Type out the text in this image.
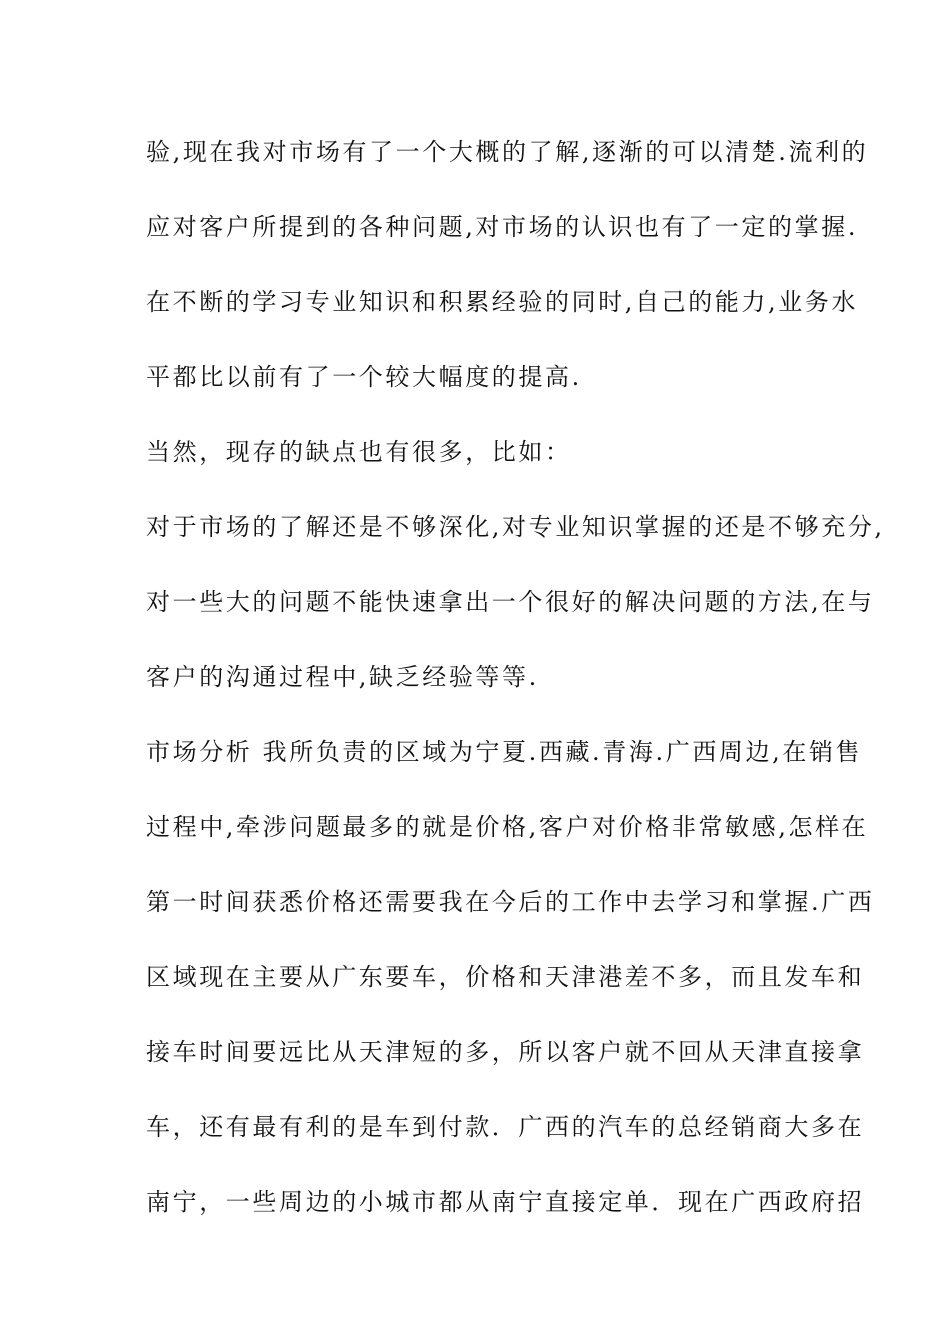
验,现在我对市场有了一个大概的了解,逐渐的可以清楚.流利的
应对客户所提到的各种问题,对市场的认识也有了一定的掌握.
在不断的学习专业知识和积累经验的同时,自己的能力,业务水
平都比以前有了一个较大幅度的提高.
当然，现存的缺点也有很多，比如：
对于市场的了解还是不够深化,对专业知识掌握的还是不够充分,
对一些大的问题不能快速拿出一个很好的解决问题的方法,在与
客户的沟通过程中,缺乏经验等等.
市场分析 我所负责的区域为宁夏.西藏.青海.广西周边,在销售
过程中,牵涉问题最多的就是价格,客户对价格非常敏感,怎样在
第一时间获悉价格还需要我在今后的工作中去学习和掌握.广西
区域现在主要从广东要车，价格和天津港差不多，而且发车和
接车时间要远比从天津短的多，所以客户就不回从天津直接拿
车，还有最有利的是车到付款．广西的汽车的总经销商大多在
南宁，一些周边的小城市都从南宁直接定单．现在广西政府招
